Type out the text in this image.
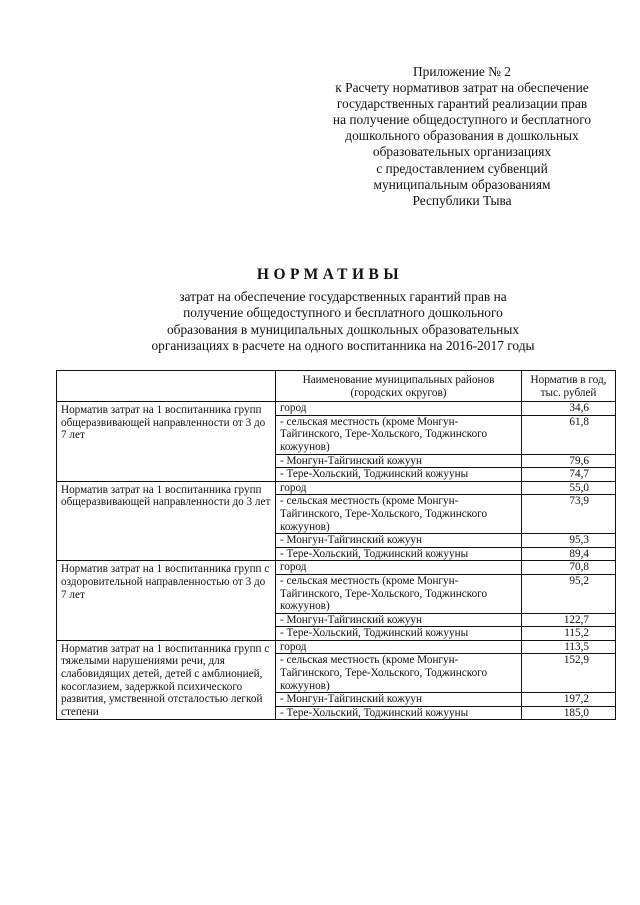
Приложение № 2
к Расчету нормативов затрат на обеспечение
государственных гарантий реализации прав
на получение общедоступного и бесплатного
дошкольного образования в дошкольных
образовательных организациях
с предоставлением субвенций
муниципальным образованиям
Республики Тыва
НОРМАТИВЫ
затрат на обеспечение государственных гарантий прав на
получение общедоступного и бесплатного дошкольного
образования в муниципальных дошкольных образовательных
организациях в расчете на одного воспитанника на 2016-2017 годы
	Наименование муниципальных районов (городских округов)	Норматив в год, тыс. рублей
Норматив затрат на 1 воспитанника групп общеразвивающей направленности от 3 до 7 лет	город	34,6
	- сельская местность (кроме Монгун-Тайгинского, Тере-Хольского, Тоджинского кожуунов)	61,8
	- Монгун-Тайгинский кожуун	79,6
	- Тере-Хольский, Тоджинский кожууны	74,7
Норматив затрат на 1 воспитанника групп общеразвивающей направленности до 3 лет	город	55,0
	- сельская местность (кроме Монгун-Тайгинского, Тере-Хольского, Тоджинского кожуунов)	73,9
	- Монгун-Тайгинский кожуун	95,3
	- Тере-Хольский, Тоджинский кожууны	89,4
Норматив затрат на 1 воспитанника групп с оздоровительной направленностью от 3 до 7 лет	город	70,8
	- сельская местность (кроме Монгун-Тайгинского, Тере-Хольского, Тоджинского кожуунов)	95,2
	- Монгун-Тайгинский кожуун	122,7
	- Тере-Хольский, Тоджинский кожууны	115,2
Норматив затрат на 1 воспитанника групп с тяжелыми нарушениями речи, для слабовидящих детей, детей с амблионией, косоглазием, задержкой психического развития, умственной отсталостью легкой степени	город	113,5
	- сельская местность (кроме Монгун-Тайгинского, Тере-Хольского, Тоджинского кожуунов)	152,9
	- Монгун-Тайгинский кожуун	197,2
	- Тере-Хольский, Тоджинский кожууны	185,0
